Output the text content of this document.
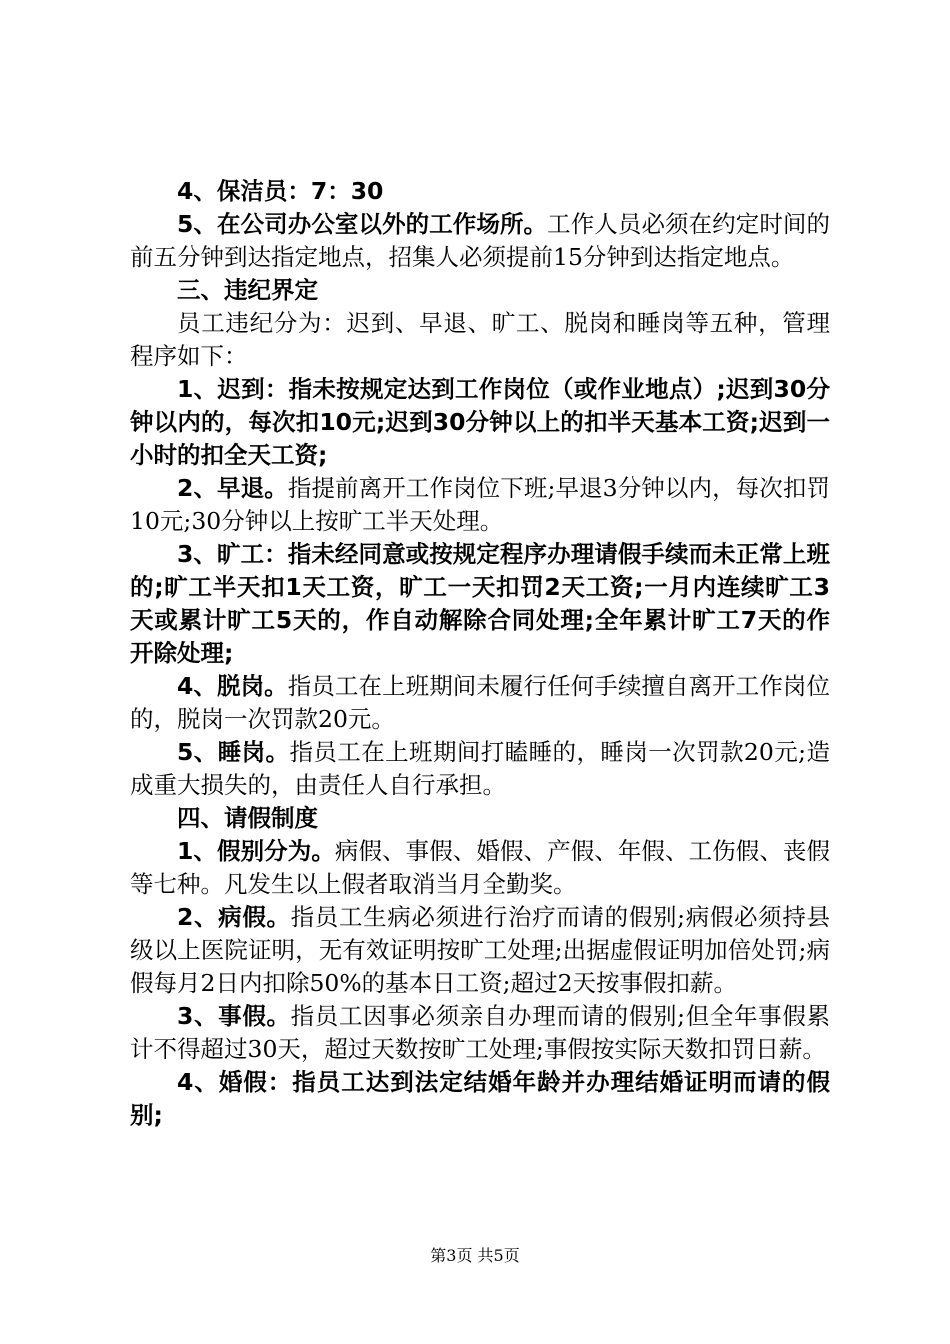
4、保洁员：7：30

5、在公司办公室以外的工作场所。工作人员必须在约定时间的前五分钟到达指定地点，招集人必须提前15分钟到达指定地点。

三、违纪界定

员工违纪分为：迟到、早退、旷工、脱岗和睡岗等五种，管理程序如下：

1、迟到：指未按规定达到工作岗位（或作业地点）;迟到30分钟以内的，每次扣10元;迟到30分钟以上的扣半天基本工资;迟到一小时的扣全天工资;

2、早退。指提前离开工作岗位下班;早退3分钟以内，每次扣罚10元;30分钟以上按旷工半天处理。

3、旷工：指未经同意或按规定程序办理请假手续而未正常上班的;旷工半天扣1天工资，旷工一天扣罚2天工资;一月内连续旷工3天或累计旷工5天的，作自动解除合同处理;全年累计旷工7天的作开除处理;

4、脱岗。指员工在上班期间未履行任何手续擅自离开工作岗位的，脱岗一次罚款20元。

5、睡岗。指员工在上班期间打瞌睡的，睡岗一次罚款20元;造成重大损失的，由责任人自行承担。

四、请假制度

1、假别分为。病假、事假、婚假、产假、年假、工伤假、丧假等七种。凡发生以上假者取消当月全勤奖。

2、病假。指员工生病必须进行治疗而请的假别;病假必须持县级以上医院证明，无有效证明按旷工处理;出据虚假证明加倍处罚;病假每月2日内扣除50%的基本日工资;超过2天按事假扣薪。

3、事假。指员工因事必须亲自办理而请的假别;但全年事假累计不得超过30天，超过天数按旷工处理;事假按实际天数扣罚日薪。

4、婚假：指员工达到法定结婚年龄并办理结婚证明而请的假别;

第3页 共5页
